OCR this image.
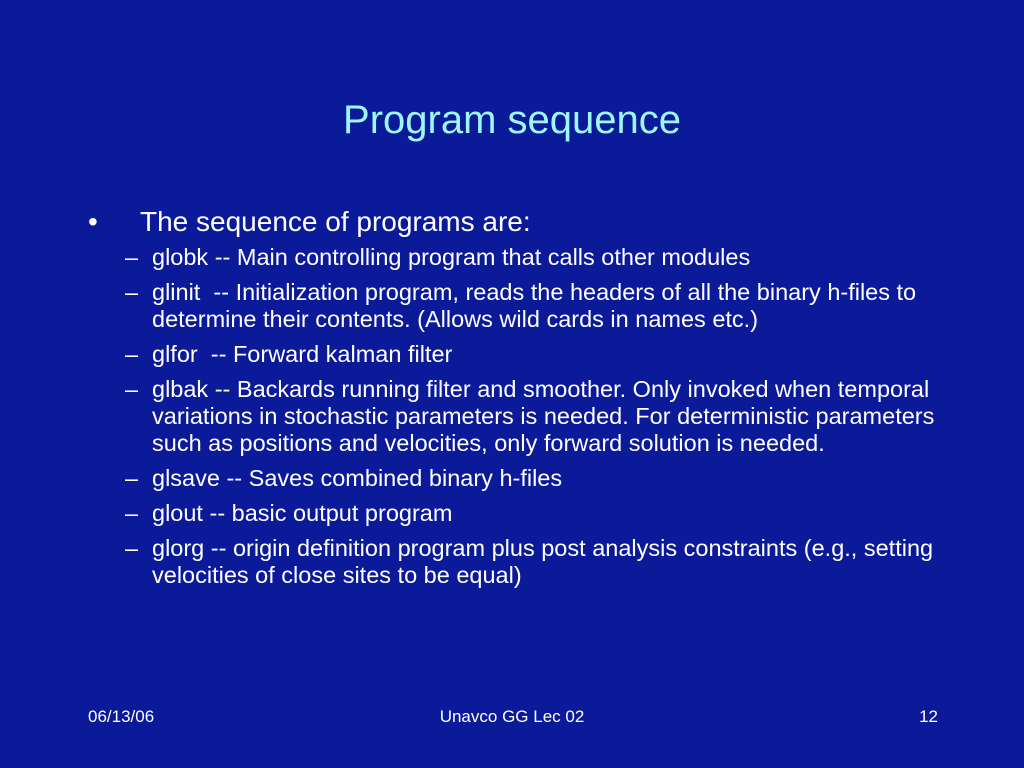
Program sequence
•	The sequence of programs are:
– globk -- Main controlling program that calls other modules
– glinit  -- Initialization program, reads the headers of all the binary h-files to determine their contents. (Allows wild cards in names etc.)
– glfor  -- Forward kalman filter
– glbak -- Backards running filter and smoother. Only invoked when temporal variations in stochastic parameters is needed. For deterministic parameters such as positions and velocities, only forward solution is needed.
– glsave -- Saves combined binary h-files
– glout -- basic output program
– glorg -- origin definition program plus post analysis constraints (e.g., setting velocities of close sites to be equal)
06/13/06	Unavco GG Lec 02	12
